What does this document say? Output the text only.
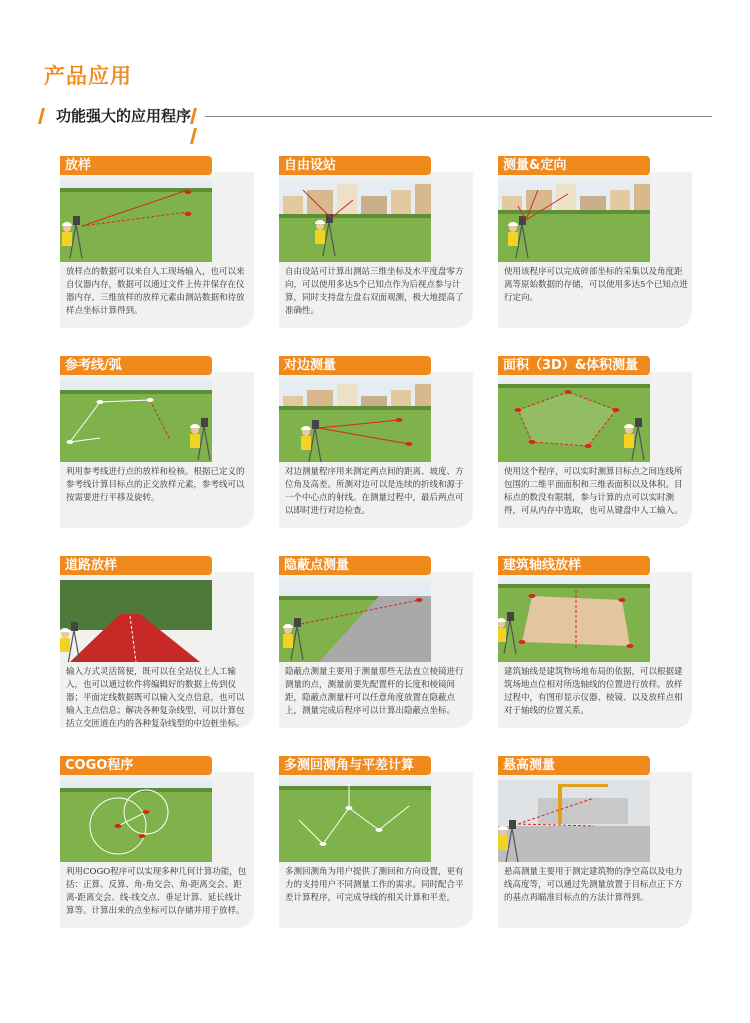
产品应用
功能强大的应用程序
放样
放样点的数据可以来自人工现场输入，也可以来自仪器内存，数据可以通过文件上传并保存在仪器内存。三维放样的放样元素由测站数据和待放样点坐标计算得到。
自由设站
自由设站可计算出测站三维坐标及水平度盘零方向，可以使用多达5个已知点作为后视点参与计算，同时支持盘左盘右双面观测，极大地提高了准确性。
测量&定向
使用该程序可以完成碎部坐标的采集以及角度距离等原始数据的存储，可以使用多达5个已知点进行定向。
参考线/弧
利用参考线进行点的放样和检核。根据已定义的参考线计算目标点的正交放样元素，参考线可以按需要进行平移及旋转。
对边测量
对边测量程序用来测定两点间的距离、坡度、方位角及高差。所测对边可以是连续的折线和源于一个中心点的射线。在测量过程中，最后两点可以即时进行对边检查。
面积（3D）&体积测量
使用这个程序，可以实时测算目标点之间连线所包围的二维平面面积和三维表面积以及体积。目标点的数没有限制，参与计算的点可以实时测得，可从内存中选取，也可从键盘中人工输入。
道路放样
输入方式灵活简便，既可以在全站仪上人工输入，也可以通过软件将编辑好的数据上传到仪器；平面定线数据既可以输入交点信息，也可以输入主点信息；解决各种复杂线型，可以计算包括立交匝道在内的各种复杂线型的中边桩坐标。
隐蔽点测量
隐蔽点测量主要用于测量那些无法直立棱镜进行测量的点，测量前要先配置杆的长度和棱镜间距，隐蔽点测量杆可以任意角度放置在隐蔽点上，测量完成后程序可以计算出隐蔽点坐标。
建筑轴线放样
建筑轴线是建筑物场地布局的依据，可以根据建筑场地点位相对所选轴线的位置进行放样。放样过程中，有图形显示仪器、棱镜、以及放样点相对于轴线的位置关系。
COGO程序
利用COGO程序可以实现多种几何计算功能，包括：正算、反算、角-角交会、角-距离交会、距离-距离交会、线-线交点、垂足计算、延长线计算等。计算出来的点坐标可以存储并用于放样。
多测回测角与平差计算
多测回测角为用户提供了测回和方向设置，更有力的支持用户不同测量工作的需求。同时配合平差计算程序，可完成导线的相关计算和平差。
悬高测量
悬高测量主要用于测定建筑物的净空高以及电力线高度等，可以通过先测量放置于目标点正下方的基点再瞄准目标点的方法计算得到。
